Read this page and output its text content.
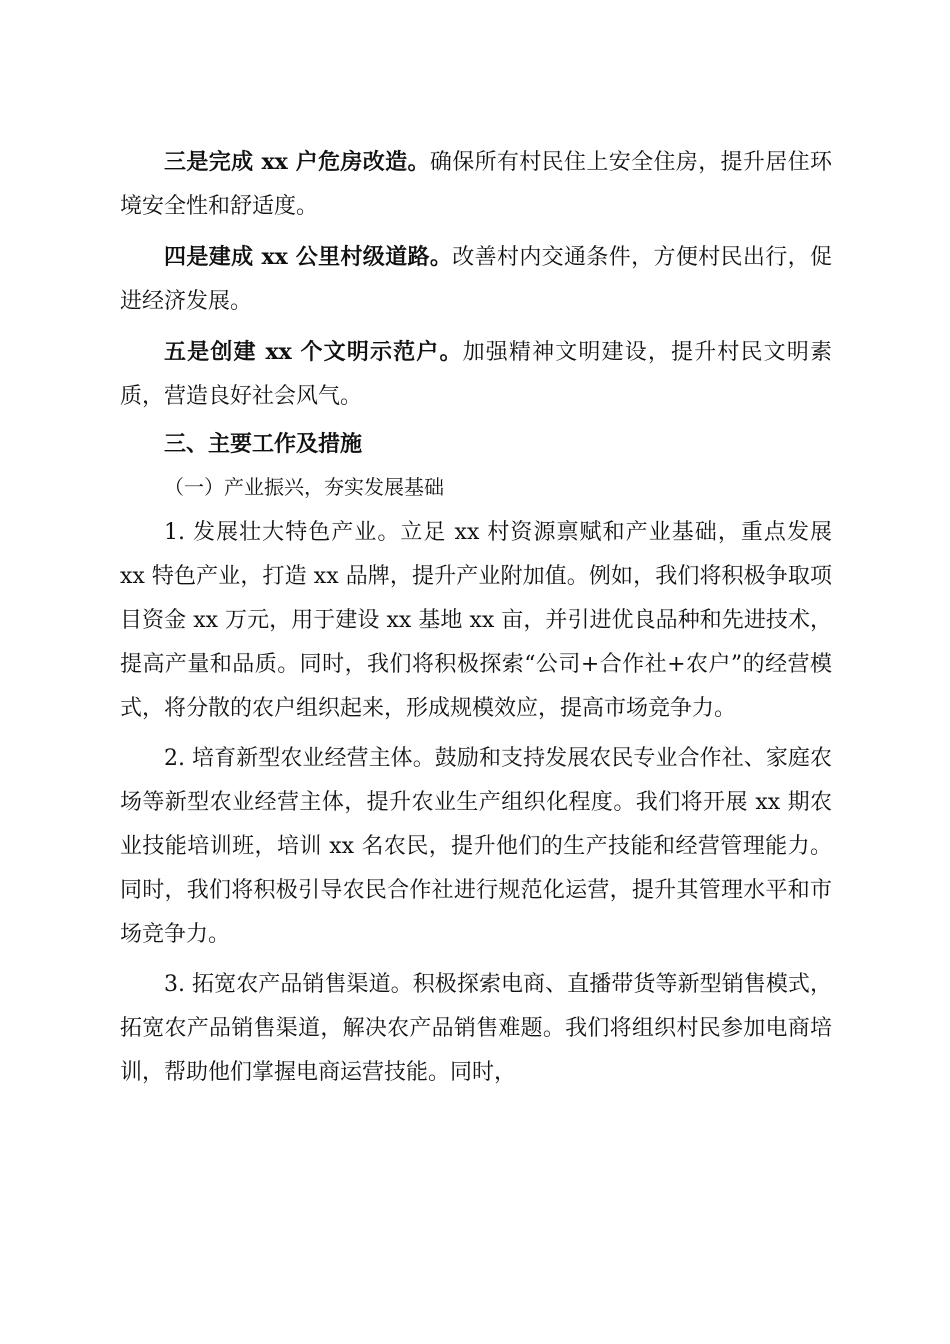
三是完成 xx 户危房改造。确保所有村民住上安全住房，提升居住环境安全性和舒适度。

四是建成 xx 公里村级道路。改善村内交通条件，方便村民出行，促进经济发展。

五是创建 xx 个文明示范户。加强精神文明建设，提升村民文明素质，营造良好社会风气。

三、主要工作及措施

（一）产业振兴，夯实发展基础

1. 发展壮大特色产业。立足 xx 村资源禀赋和产业基础，重点发展 xx 特色产业，打造 xx 品牌，提升产业附加值。例如，我们将积极争取项目资金 xx 万元，用于建设 xx 基地 xx 亩，并引进优良品种和先进技术，提高产量和品质。同时，我们将积极探索“公司+合作社+农户”的经营模式，将分散的农户组织起来，形成规模效应，提高市场竞争力。

2. 培育新型农业经营主体。鼓励和支持发展农民专业合作社、家庭农场等新型农业经营主体，提升农业生产组织化程度。我们将开展 xx 期农业技能培训班，培训 xx 名农民，提升他们的生产技能和经营管理能力。同时，我们将积极引导农民合作社进行规范化运营，提升其管理水平和市场竞争力。

3. 拓宽农产品销售渠道。积极探索电商、直播带货等新型销售模式，拓宽农产品销售渠道，解决农产品销售难题。我们将组织村民参加电商培训，帮助他们掌握电商运营技能。同时，
